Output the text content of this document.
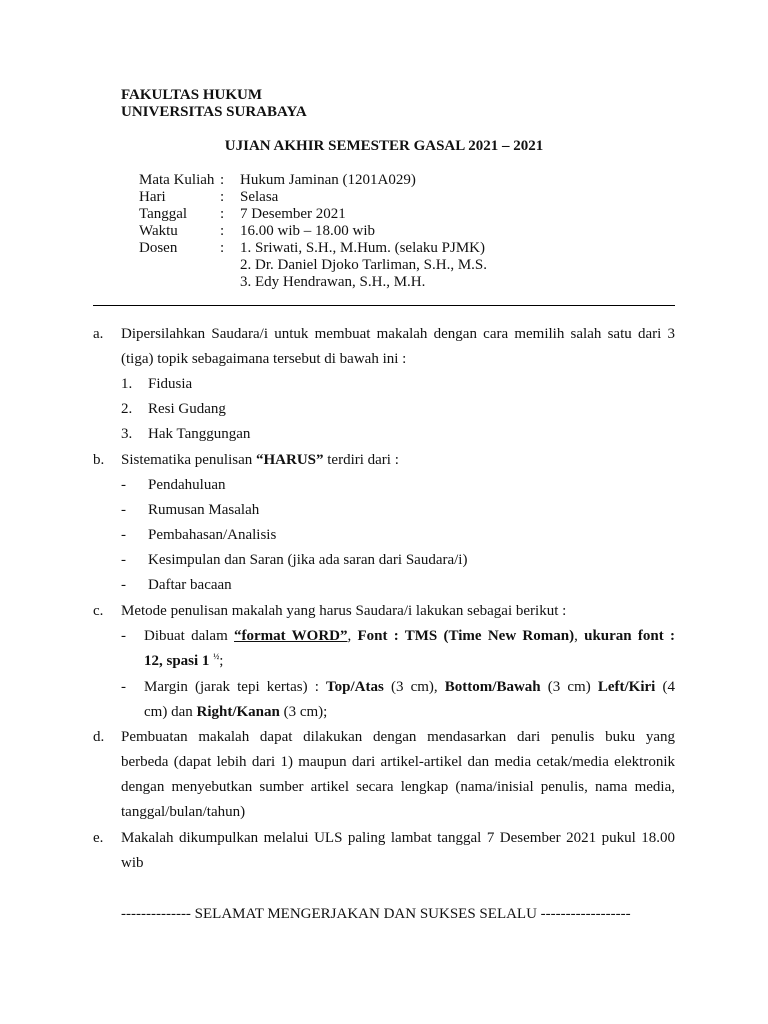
FAKULTAS HUKUM
UNIVERSITAS SURABAYA
UJIAN AKHIR SEMESTER GASAL 2021 – 2021
Mata Kuliah : Hukum Jaminan (1201A029)
Hari	: Selasa
Tanggal : 7 Desember 2021
Waktu	: 16.00 wib – 18.00 wib
Dosen	: 1. Sriwati, S.H., M.Hum. (selaku PJMK)
2. Dr. Daniel Djoko Tarliman, S.H., M.S.
3. Edy Hendrawan, S.H., M.H.
a. Dipersilahkan Saudara/i untuk membuat makalah dengan cara memilih salah satu dari 3
(tiga) topik sebagaimana tersebut di bawah ini :
1. Fidusia
2. Resi Gudang
3. Hak Tanggungan
b. Sistematika penulisan “HARUS” terdiri dari :
- Pendahuluan
- Rumusan Masalah
- Pembahasan/Analisis
- Kesimpulan dan Saran (jika ada saran dari Saudara/i)
- Daftar bacaan
c. Metode penulisan makalah yang harus Saudara/i lakukan sebagai berikut :
- Dibuat dalam “format WORD”, Font : TMS (Time New Roman), ukuran font :
12, spasi 1 $^{\frac{1}{2}}$;
- Margin (jarak tepi kertas) : Top/Atas (3 cm), Bottom/Bawah (3 cm) Left/Kiri (4
cm) dan Right/Kanan (3 cm);
d. Pembuatan makalah dapat dilakukan dengan mendasarkan dari penulis buku yang
berbeda (dapat lebih dari 1) maupun dari artikel-artikel dan media cetak/media elektronik
dengan menyebutkan sumber artikel secara lengkap (nama/inisial penulis, nama media,
tanggal/bulan/tahun)
e. Makalah dikumpulkan melalui ULS paling lambat tanggal 7 Desember 2021 pukul 18.00
wib
-------------- SELAMAT MENGERJAKAN DAN SUKSES SELALU ------------------
